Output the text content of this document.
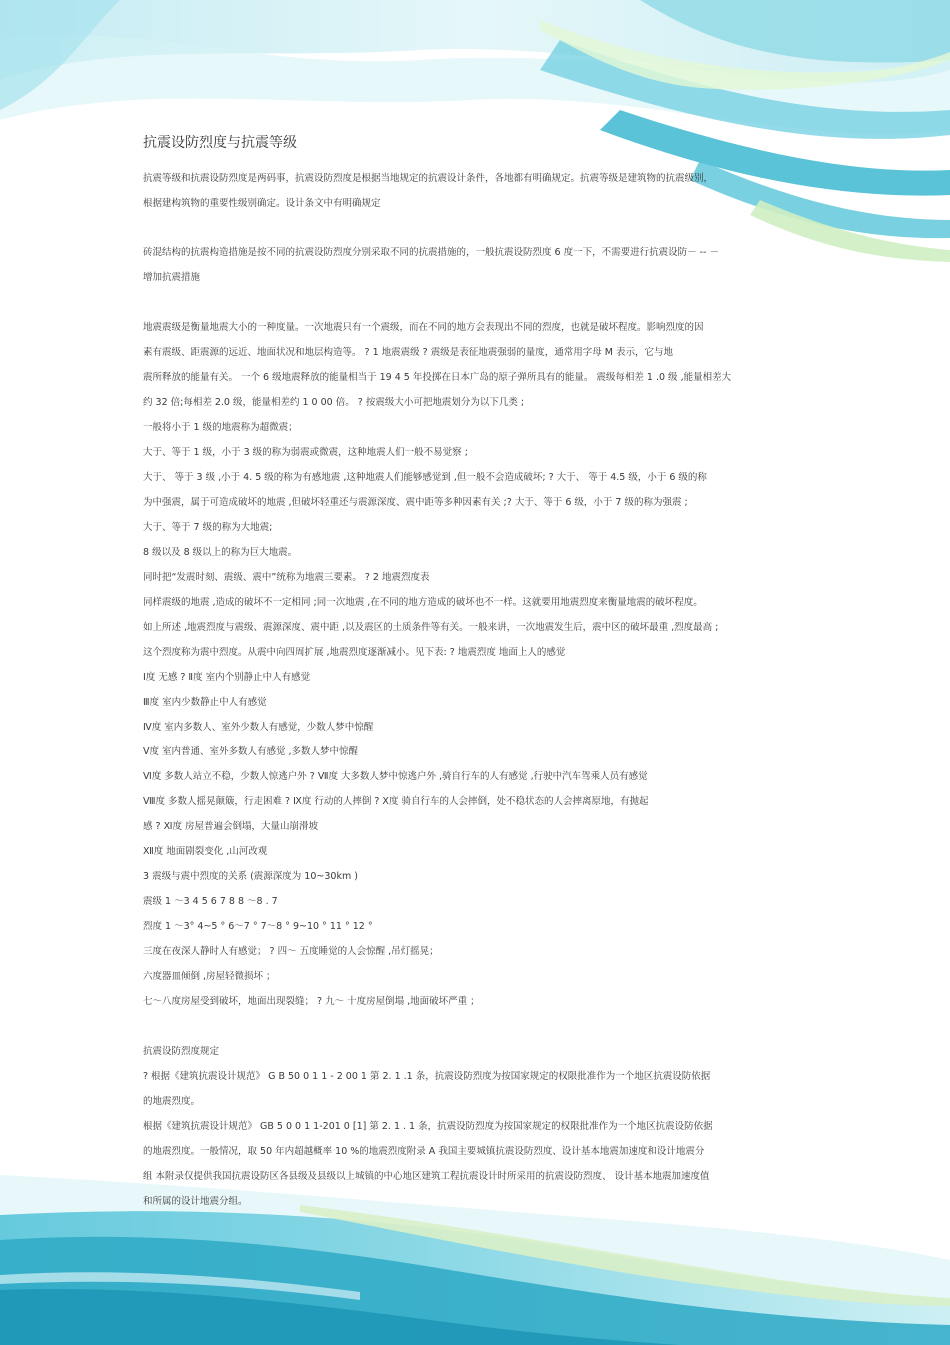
抗震设防烈度与抗震等级
抗震等级和抗震设防烈度是两码事，抗震设防烈度是根据当地规定的抗震设计条件，各地都有明确规定。抗震等级是建筑物的抗震级别，
根据建构筑物的重要性级别确定。设计条文中有明确规定
砖混结构的抗震构造措施是按不同的抗震设防烈度分别采取不同的抗震措施的，一般抗震设防烈度 6 度一下，不需要进行抗震设防－ -- －
增加抗震措施
地震震级是衡量地震大小的一种度量。一次地震只有一个震级，而在不同的地方会表现出不同的烈度，也就是破坏程度。影响烈度的因
素有震级、距震源的远近、地面状况和地层构造等。 ? 1 地震震级 ? 震级是表征地震强弱的量度，通常用字母 M 表示，它与地
震所释放的能量有关。 一个 6 级地震释放的能量相当于 19 4 5 年投掷在日本广岛的原子弹所具有的能量。 震级每相差 1 .0 级 ,能量相差大
约 32 倍;每相差 2.0 级，能量相差约 1 0 00 倍。 ? 按震级大小可把地震划分为以下几类 ;
一般将小于 1 级的地震称为超微震；
大于、等于 1 级，小于 3 级的称为弱震或微震，这种地震人们一般不易觉察 ;
大于、 等于 3 级 ,小于 4. 5 级的称为有感地震 ,这种地震人们能够感觉到 ,但一般不会造成破坏; ? 大于、 等于 4.5 级，小于 6 级的称
为中强震，属于可造成破坏的地震 ,但破坏轻重还与震源深度、震中距等多种因素有关 ;? 大于、等于 6 级，小于 7 级的称为强震 ;
大于、等于 7 级的称为大地震;
8 级以及 8 级以上的称为巨大地震。
同时把“发震时刻、震级、震中”统称为地震三要素。 ? 2 地震烈度表
同样震级的地震 ,造成的破坏不一定相同 ;同一次地震 ,在不同的地方造成的破坏也不一样。这就要用地震烈度来衡量地震的破坏程度。
如上所述 ,地震烈度与震级、震源深度、震中距 ,以及震区的土质条件等有关。一般来讲，一次地震发生后，震中区的破坏最重 ,烈度最高 ;
这个烈度称为震中烈度。从震中向四周扩展 ,地震烈度逐渐减小。见下表: ? 地震烈度 地面上人的感觉
Ⅰ度 无感 ? Ⅱ度 室内个别静止中人有感觉
Ⅲ度 室内少数静止中人有感觉
Ⅳ度 室内多数人、室外少数人有感觉，少数人梦中惊醒
Ⅴ度 室内普通、室外多数人有感觉 ,多数人梦中惊醒
Ⅵ度 多数人站立不稳，少数人惊逃户外 ? Ⅶ度 大多数人梦中惊逃户外 ,骑自行车的人有感觉 ,行驶中汽车驾乘人员有感觉
Ⅷ度 多数人摇晃颠簸，行走困难 ? Ⅸ度 行动的人摔倒 ? Ⅹ度 骑自行车的人会摔倒，处不稳状态的人会摔离原地，有抛起
感 ? Ⅺ度 房屋普遍会倒塌，大量山崩滑坡
Ⅻ度 地面剧裂变化 ,山河改观
3 震级与震中烈度的关系 (震源深度为 10~30km )
震级 1 ～3 4 5 6 7 8 8 ～8 . 7
烈度 1 ～3° 4~5 ° 6～7 ° 7～8 ° 9~10 ° 11 ° 12 °
三度在夜深人静时人有感觉； ? 四～ 五度睡觉的人会惊醒 ,吊灯摇晃；
六度器皿倾倒 ,房屋轻微损坏 ；
七～八度房屋受到破坏，地面出现裂缝； ? 九～ 十度房屋倒塌 ,地面破坏严重 ；
抗震设防烈度规定
? 根据《建筑抗震设计规范》 G B 50 0 1 1 - 2 00 1 第 2. 1 .1 条，抗震设防烈度为按国家规定的权限批准作为一个地区抗震设防依据
的地震烈度。
根据《建筑抗震设计规范》 GB 5 0 0 1 1-201 0 [1] 第 2. 1 . 1 条，抗震设防烈度为按国家规定的权限批准作为一个地区抗震设防依据
的地震烈度。一般情况，取 50 年内超越概率 10 %的地震烈度附录 A 我国主要城镇抗震设防烈度、设计基本地震加速度和设计地震分
组 本附录仅提供我国抗震设防区各县级及县级以上城镇的中心地区建筑工程抗震设计时所采用的抗震设防烈度、 设计基本地震加速度值
和所属的设计地震分组。
